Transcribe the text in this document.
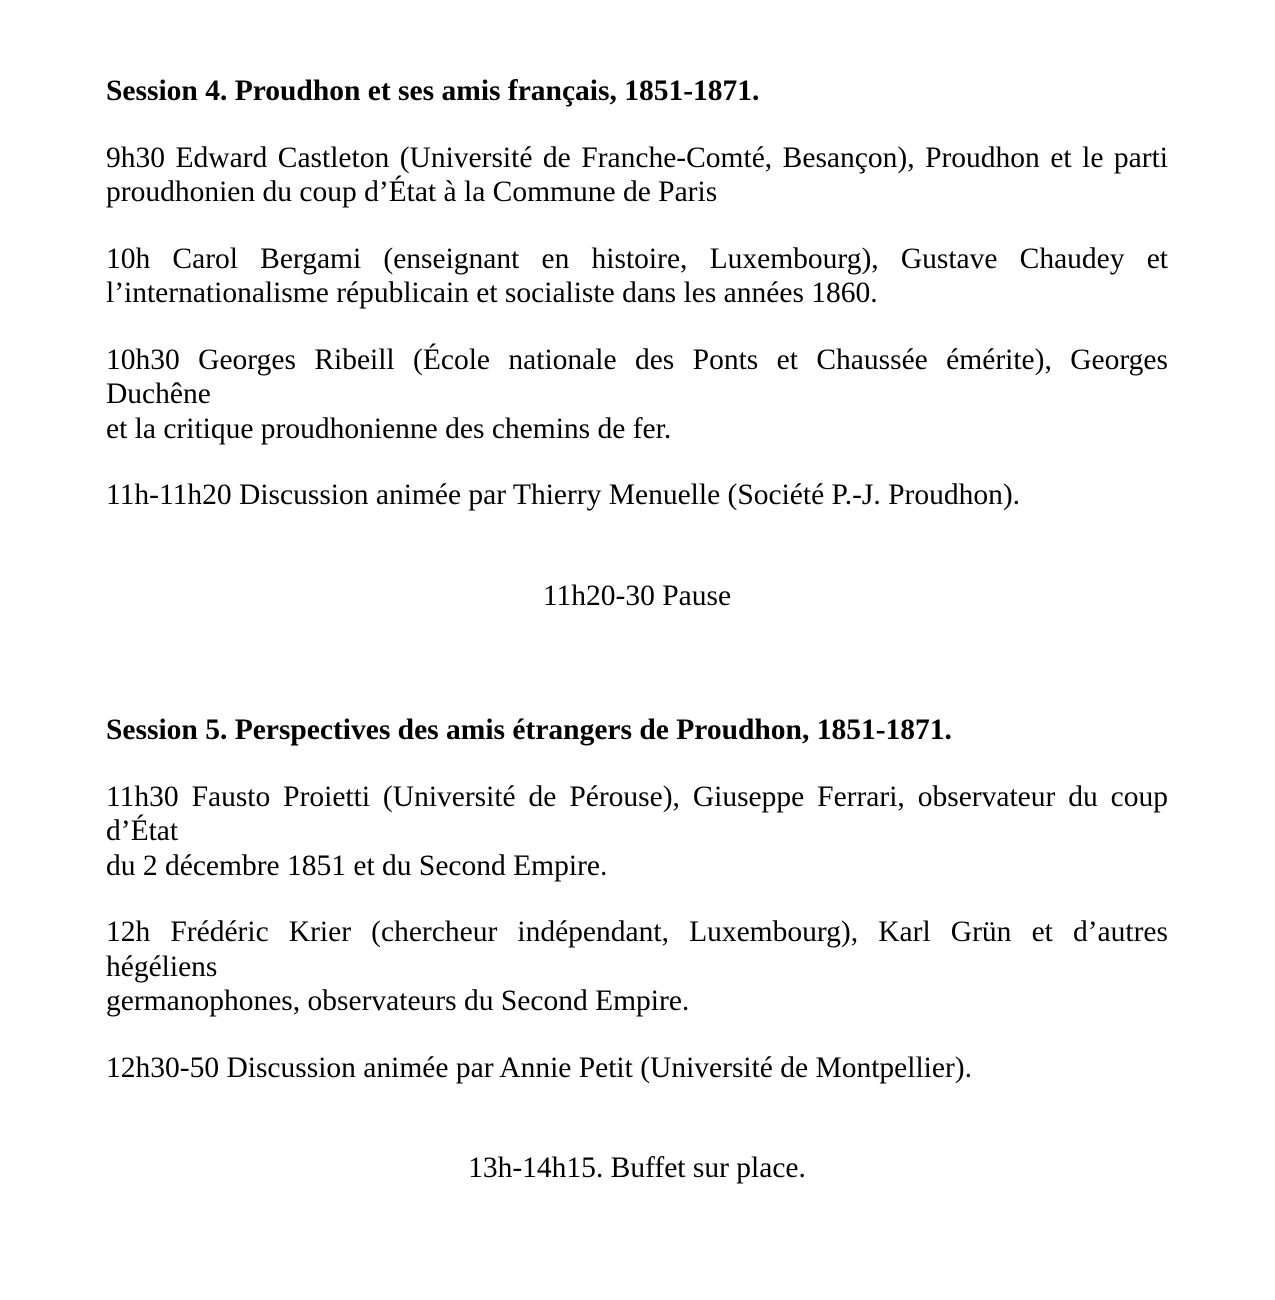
Session 4. Proudhon et ses amis français, 1851-1871.
9h30 Edward Castleton (Université de Franche-Comté, Besançon), Proudhon et le parti
proudhonien du coup d’État à la Commune de Paris
10h Carol Bergami (enseignant en histoire, Luxembourg), Gustave Chaudey et
l’internationalisme républicain et socialiste dans les années 1860.
10h30 Georges Ribeill (École nationale des Ponts et Chaussée émérite), Georges Duchêne
et la critique proudhonienne des chemins de fer.
11h-11h20 Discussion animée par Thierry Menuelle (Société P.-J. Proudhon).
11h20-30 Pause
Session 5. Perspectives des amis étrangers de Proudhon, 1851-1871.
11h30 Fausto Proietti (Université de Pérouse), Giuseppe Ferrari, observateur du coup d’État
du 2 décembre 1851 et du Second Empire.
12h Frédéric Krier (chercheur indépendant, Luxembourg), Karl Grün et d’autres hégéliens
germanophones, observateurs du Second Empire.
12h30-50 Discussion animée par Annie Petit (Université de Montpellier).
13h-14h15. Buffet sur place.
